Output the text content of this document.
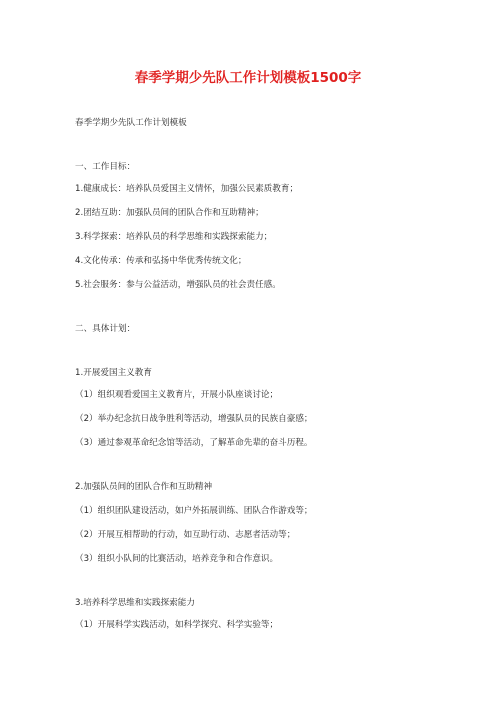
春季学期少先队工作计划模板1500字
春季学期少先队工作计划模板
一、工作目标：
1.健康成长：培养队员爱国主义情怀，加强公民素质教育；
2.团结互助：加强队员间的团队合作和互助精神；
3.科学探索：培养队员的科学思维和实践探索能力；
4.文化传承：传承和弘扬中华优秀传统文化；
5.社会服务：参与公益活动，增强队员的社会责任感。
二、具体计划：
1.开展爱国主义教育
（1）组织观看爱国主义教育片，开展小队座谈讨论；
（2）举办纪念抗日战争胜利等活动，增强队员的民族自豪感；
（3）通过参观革命纪念馆等活动，了解革命先辈的奋斗历程。
2.加强队员间的团队合作和互助精神
（1）组织团队建设活动，如户外拓展训练、团队合作游戏等；
（2）开展互相帮助的行动，如互助行动、志愿者活动等；
（3）组织小队间的比赛活动，培养竞争和合作意识。
3.培养科学思维和实践探索能力
（1）开展科学实践活动，如科学探究、科学实验等；
